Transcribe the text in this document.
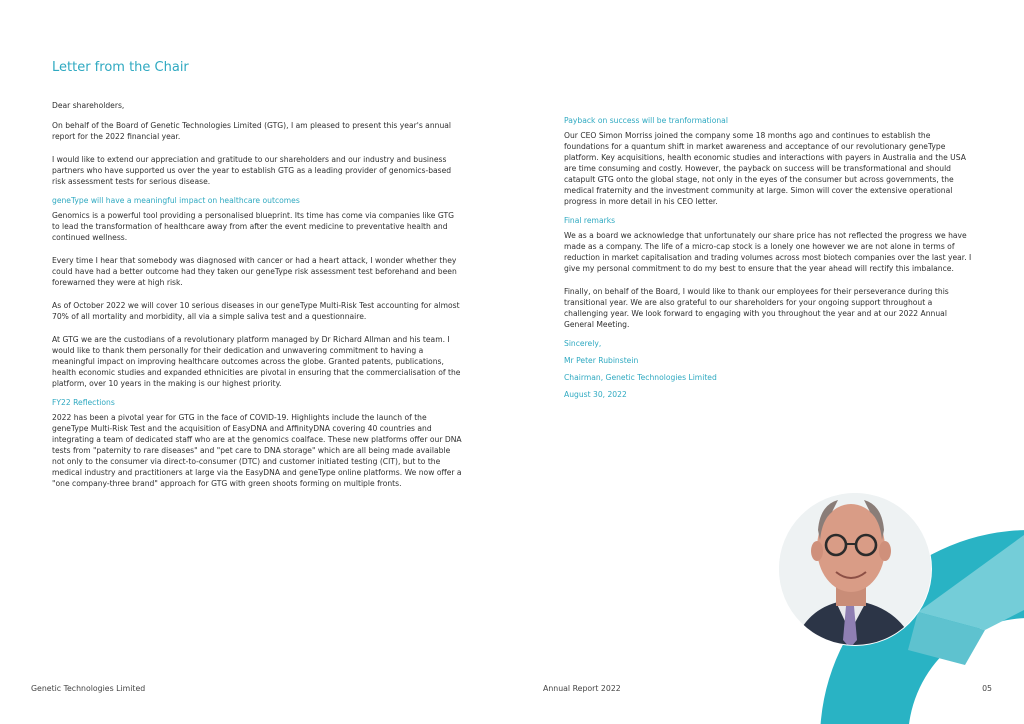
Letter from the Chair

Dear shareholders,

On behalf of the Board of Genetic Technologies Limited (GTG), I am pleased to present this year's annual report for the 2022 financial year.

I would like to extend our appreciation and gratitude to our shareholders and our industry and business partners who have supported us over the year to establish GTG as a leading provider of genomics-based risk assessment tests for serious disease.

geneType will have a meaningful impact on healthcare outcomes

Genomics is a powerful tool providing a personalised blueprint. Its time has come via companies like GTG to lead the transformation of healthcare away from after the event medicine to preventative health and continued wellness.

Every time I hear that somebody was diagnosed with cancer or had a heart attack, I wonder whether they could have had a better outcome had they taken our geneType risk assessment test beforehand and been forewarned they were at high risk.

As of October 2022 we will cover 10 serious diseases in our geneType Multi-Risk Test accounting for almost 70% of all mortality and morbidity, all via a simple saliva test and a questionnaire.

At GTG we are the custodians of a revolutionary platform managed by Dr Richard Allman and his team. I would like to thank them personally for their dedication and unwavering commitment to having a meaningful impact on improving healthcare outcomes across the globe. Granted patents, publications, health economic studies and expanded ethnicities are pivotal in ensuring that the commercialisation of the platform, over 10 years in the making is our highest priority.

FY22 Reflections

2022 has been a pivotal year for GTG in the face of COVID-19. Highlights include the launch of the geneType Multi-Risk Test and the acquisition of EasyDNA and AffinityDNA covering 40 countries and integrating a team of dedicated staff who are at the genomics coalface. These new platforms offer our DNA tests from "paternity to rare diseases" and "pet care to DNA storage" which are all being made available not only to the consumer via direct-to-consumer (DTC) and customer initiated testing (CIT), but to the medical industry and practitioners at large via the EasyDNA and geneType online platforms. We now offer a "one company-three brand" approach for GTG with green shoots forming on multiple fronts.

Payback on success will be tranformational

Our CEO Simon Morriss joined the company some 18 months ago and continues to establish the foundations for a quantum shift in market awareness and acceptance of our revolutionary geneType platform. Key acquisitions, health economic studies and interactions with payers in Australia and the USA are time consuming and costly. However, the payback on success will be transformational and should catapult GTG onto the global stage, not only in the eyes of the consumer but across governments, the medical fraternity and the investment community at large. Simon will cover the extensive operational progress in more detail in his CEO letter.

Final remarks

We as a board we acknowledge that unfortunately our share price has not reflected the progress we have made as a company. The life of a micro-cap stock is a lonely one however we are not alone in terms of reduction in market capitalisation and trading volumes across most biotech companies over the last year. I give my personal commitment to do my best to ensure that the year ahead will rectify this imbalance.

Finally, on behalf of the Board, I would like to thank our employees for their perseverance during this transitional year. We are also grateful to our shareholders for your ongoing support throughout a challenging year. We look forward to engaging with you throughout the year and at our 2022 Annual General Meeting.

Sincerely,

Mr Peter Rubinstein

Chairman, Genetic Technologies Limited

August 30, 2022

Genetic Technologies Limited	Annual Report 2022	05
